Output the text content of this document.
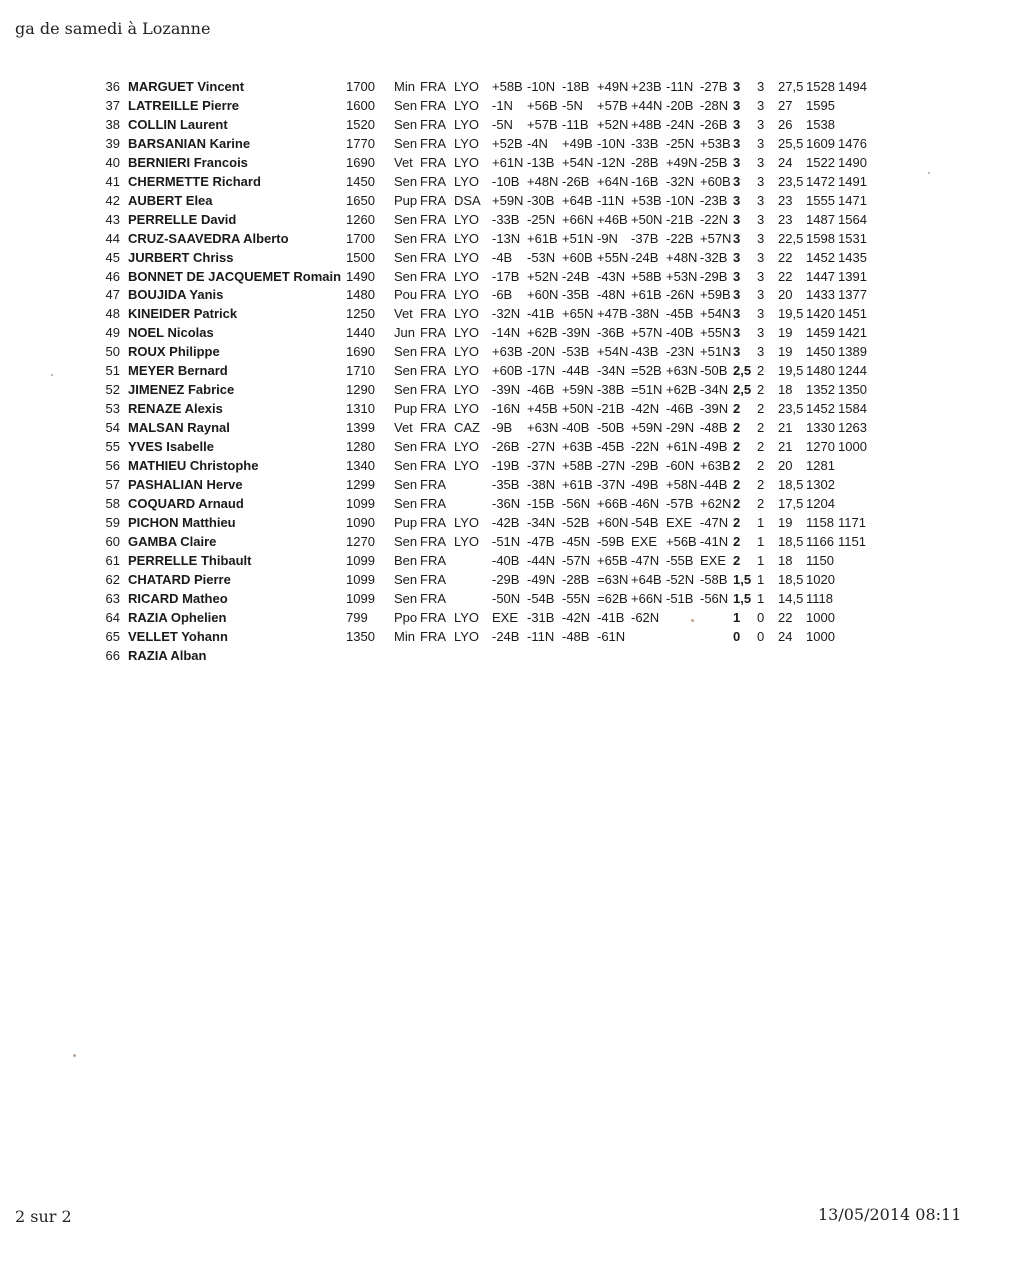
ga de samedi à Lozanne
36 MARGUET Vincent	1700 Min FRA LYO +58B -10N -18B +49N +23B -11N -27B 3 3 27,5 1528 1494
37 LATREILLE Pierre	1600 Sen FRA LYO -1N +56B -5N +57B +44N -20B -28N 3 3 27 1595
38 COLLIN Laurent	1520 Sen FRA LYO -5N +57B -11B +52N +48B -24N -26B 3 3 26 1538
39 BARSANIAN Karine	1770 Sen FRA LYO +52B -4N +49B -10N -33B -25N +53B 3 3 25,5 1609 1476
40 BERNIERI Francois	1690 Vet FRA LYO +61N -13B +54N -12N -28B +49N -25B 3 3 24 1522 1490
41 CHERMETTE Richard	1450 Sen FRA LYO -10B +48N -26B +64N -16B -32N +60B 3 3 23,5 1472 1491
42 AUBERT Elea	1650 Pup FRA DSA +59N -30B +64B -11N +53B -10N -23B 3 3 23 1555 1471
43 PERRELLE David	1260 Sen FRA LYO -33B -25N +66N +46B +50N -21B -22N 3 3 23 1487 1564
44 CRUZ-SAAVEDRA Alberto	1700 Sen FRA LYO -13N +61B +51N -9N -37B -22B +57N 3 3 22,5 1598 1531
45 JURBERT Chriss	1500 Sen FRA LYO -4B -53N +60B +55N -24B +48N -32B 3 3 22 1452 1435
46 BONNET DE JACQUEMET Romain 1490 Sen FRA LYO -17B +52N -24B -43N +58B +53N -29B 3 3 22 1447 1391
47 BOUJIDA Yanis	1480 Pou FRA LYO -6B +60N -35B -48N +61B -26N +59B 3 3 20 1433 1377
48 KINEIDER Patrick	1250 Vet FRA LYO -32N -41B +65N +47B -38N -45B +54N 3 3 19,5 1420 1451
49 NOEL Nicolas	1440 Jun FRA LYO -14N +62B -39N -36B +57N -40B +55N 3 3 19 1459 1421
50 ROUX Philippe	1690 Sen FRA LYO +63B -20N -53B +54N -43B -23N +51N 3 3 19 1450 1389
51 MEYER Bernard	1710 Sen FRA LYO +60B -17N -44B -34N =52B +63N -50B 2,5 2 19,5 1480 1244
52 JIMENEZ Fabrice	1290 Sen FRA LYO -39N -46B +59N -38B =51N +62B -34N 2,5 2 18 1352 1350
53 RENAZE Alexis	1310 Pup FRA LYO -16N +45B +50N -21B -42N -46B -39N 2 2 23,5 1452 1584
54 MALSAN Raynal	1399 Vet FRA CAZ -9B +63N -40B -50B +59N -29N -48B 2 2 21 1330 1263
55 YVES Isabelle	1280 Sen FRA LYO -26B -27N +63B -45B -22N +61N -49B 2 2 21 1270 1000
56 MATHIEU Christophe	1340 Sen FRA LYO -19B -37N +58B -27N -29B -60N +63B 2 2 20 1281
57 PASHALIAN Herve	1299 Sen FRA	-35B -38N +61B -37N -49B +58N -44B 2 2 18,5 1302
58 COQUARD Arnaud	1099 Sen FRA	-36N -15B -56N +66B -46N -57B +62N 2 2 17,5 1204
59 PICHON Matthieu	1090 Pup FRA LYO -42B -34N -52B +60N -54B EXE -47N 2 1 19 1158 1171
60 GAMBA Claire	1270 Sen FRA LYO -51N -47B -45N -59B EXE +56B -41N 2 1 18,5 1166 1151
61 PERRELLE Thibault	1099 Ben FRA	-40B -44N -57N +65B -47N -55B EXE 2 1 18 1150
62 CHATARD Pierre	1099 Sen FRA	-29B -49N -28B =63N +64B -52N -58B 1,5 1 18,5 1020
63 RICARD Matheo	1099 Sen FRA	-50N -54B -55N =62B +66N -51B -56N 1,5 1 14,5 1118
64 RAZIA Ophelien	799 Ppo FRA LYO EXE -31B -42N -41B -62N	1 0 22 1000
65 VELLET Yohann	1350 Min FRA LYO -24B -11N -48B -61N	0 0 24 1000
66 RAZIA Alban
2 sur 2	13/05/2014 08:11
